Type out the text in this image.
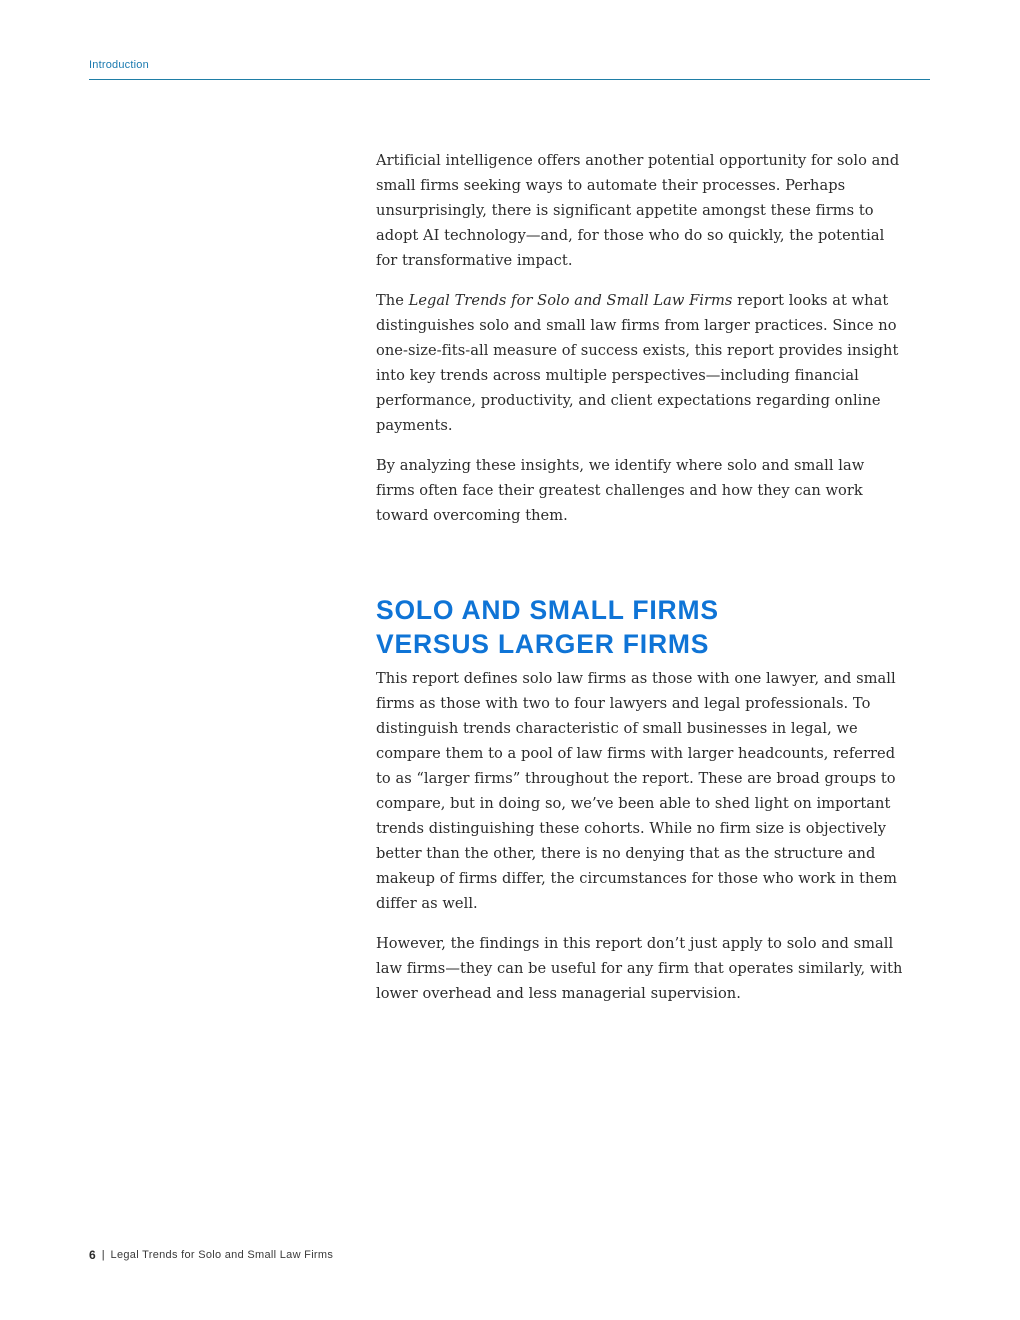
Introduction

Artificial intelligence offers another potential opportunity for solo and small firms seeking ways to automate their processes. Perhaps unsurprisingly, there is significant appetite amongst these firms to adopt AI technology—and, for those who do so quickly, the potential for transformative impact.

The Legal Trends for Solo and Small Law Firms report looks at what distinguishes solo and small law firms from larger practices. Since no one-size-fits-all measure of success exists, this report provides insight into key trends across multiple perspectives—including financial performance, productivity, and client expectations regarding online payments.

By analyzing these insights, we identify where solo and small law firms often face their greatest challenges and how they can work toward overcoming them.

SOLO AND SMALL FIRMS VERSUS LARGER FIRMS

This report defines solo law firms as those with one lawyer, and small firms as those with two to four lawyers and legal professionals. To distinguish trends characteristic of small businesses in legal, we compare them to a pool of law firms with larger headcounts, referred to as “larger firms” throughout the report. These are broad groups to compare, but in doing so, we’ve been able to shed light on important trends distinguishing these cohorts. While no firm size is objectively better than the other, there is no denying that as the structure and makeup of firms differ, the circumstances for those who work in them differ as well.

However, the findings in this report don’t just apply to solo and small law firms—they can be useful for any firm that operates similarly, with lower overhead and less managerial supervision.

6 | Legal Trends for Solo and Small Law Firms
